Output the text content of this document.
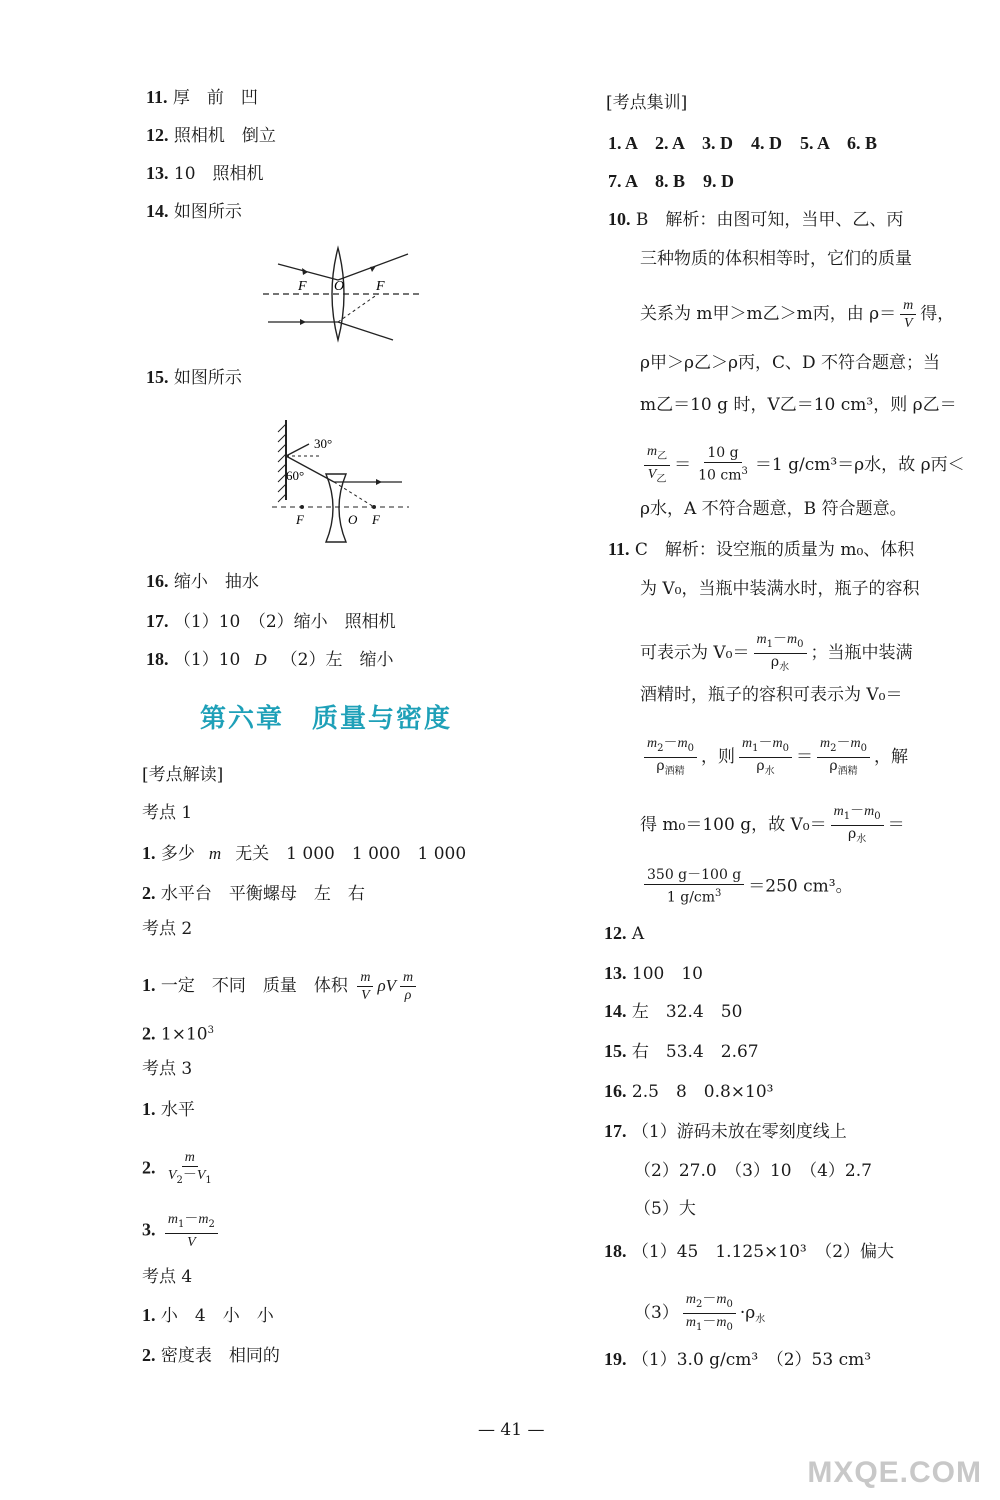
11. 厚　前　凹
12. 照相机　倒立
13. 10　照相机
14. 如图所示
F O F
15. 如图所示
30°
60°
F	O F
16. 缩小　抽水
17. （1）10　（2）缩小　照相机
18. （1）10 D （2）左　缩小
第六章　质量与密度
[考点解读]
考点 1
1. 多少 m 无关　1 000　1 000　1 000
2. 水平台　平衡螺母　左　右
考点 2
1. 一定　不同　质量　体积 $\frac{m}{V}$ ρV $\frac{m}{\rho}$
2. $1\times 10^3$
考点 3
1. 水平
2. $\frac{m}{V_2-V_1}$
3. $\frac{m_1-m_2}{V}$
考点 4
1. 小　4　小　小
2. 密度表　相同的
[考点集训]
1. A　2. A　3. D　4. D　5. A　6. B
7. A　8. B　9. D
10. B　解析：由图可知，当甲、乙、丙
三种物质的体积相等时，它们的质量
关系为 m甲＞m乙＞m丙，由 $\rho= \frac{m}{V}$ 得，
ρ甲＞ρ乙＞ρ丙，C、D 不符合题意；当
m乙＝10 g 时，V乙＝10 cm³，则 ρ乙＝
$\frac{m_乙}{V_乙} = \frac{10 g}{10 cm^3} =1$ g/cm³＝ρ水，故 ρ丙＜
ρ水，A 不符合题意，B 符合题意。
11. C　解析：设空瓶的质量为 m₀、体积
为 V₀，当瓶中装满水时，瓶子的容积
可表示为 $V_0= \frac{m_1-m_0}{\rho_水}$ ；当瓶中装满
酒精时，瓶子的容积可表示为 V₀＝
$\frac{m_2-m_0}{\rho_{酒精}}$ ，则 $\frac{m_1-m_0}{\rho_水} = \frac{m_2-m_0}{\rho_{酒精}}$ ，解
得 m₀＝100 g，故 $V_0= \frac{m_1-m_0}{\rho_水}$ ＝
$\frac{350 g-100 g}{1 g/cm^3} =250$ cm³。
12. A
13. 100　10
14. 左　32.4　50
15. 右　53.4　2.67
16. 2.5　8　0.8×10³
17. （1）游码未放在零刻度线上
（2）27.0　（3）10　（4）2.7
（5）大
18. （1）45　1.125×10³　（2）偏大
$(3) \frac{m_2-m_0}{m_1-m_0} \cdot\rho_水$
19. （1）3.0 g/cm³　（2）53 cm³
— 41 —
MXQE.COM
